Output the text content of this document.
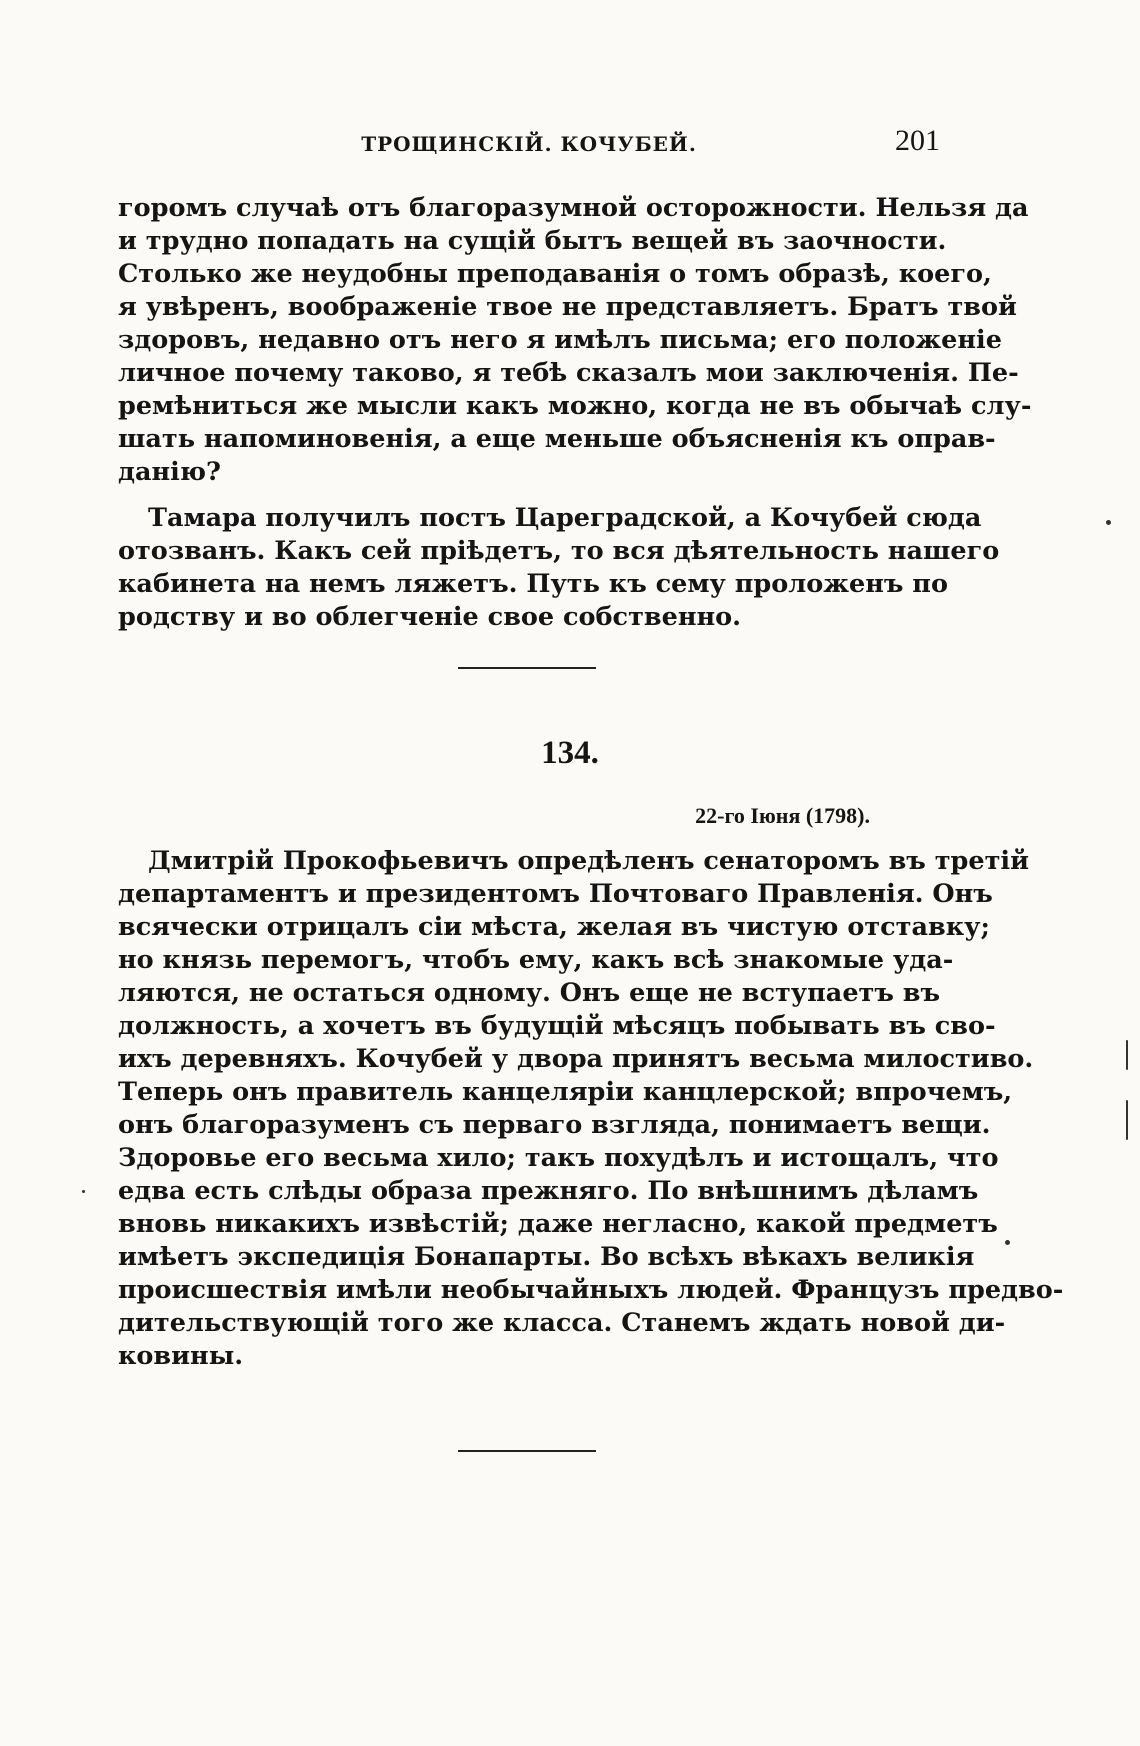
ТРОЩИНСКІЙ. КОЧУБЕЙ.	201
горомъ случаѣ отъ благоразумной осторожности. Нельзя да
и трудно попадать на сущій бытъ вещей въ заочности.
Столько же неудобны преподаванія о томъ образѣ, коего,
я увѣренъ, воображеніе твое не представляетъ. Братъ твой
здоровъ, недавно отъ него я имѣлъ письма; его положеніе
личное почему таково, я тебѣ сказалъ мои заключенія. Пе-
ремѣниться же мысли какъ можно, когда не въ обычаѣ слу-
шать напоминовенія, а еще меньше объясненія къ оправ-
данію?
Тамара получилъ постъ Цареградской, а Кочубей сюда
отозванъ. Какъ сей пріѣдетъ, то вся дѣятельность нашего
кабинета на немъ ляжетъ. Путь къ сему проложенъ по
родству и во облегченіе свое собственно.
134.
22-го Іюня (1798).
Дмитрій Прокофьевичъ опредѣленъ сенаторомъ въ третій
департаментъ и президентомъ Почтоваго Правленія. Онъ
всячески отрицалъ сіи мѣста, желая въ чистую отставку;
но князь перемогъ, чтобъ ему, какъ всѣ знакомые уда-
ляются, не остаться одному. Онъ еще не вступаетъ въ
должность, а хочетъ въ будущій мѣсяцъ побывать въ сво-
ихъ деревняхъ. Кочубей у двора принятъ весьма милостиво.
Теперь онъ правитель канцеляріи канцлерской; впрочемъ,
онъ благоразуменъ съ перваго взгляда, понимаетъ вещи.
Здоровье его весьма хило; такъ похудѣлъ и истощалъ, что
едва есть слѣды образа прежняго. По внѣшнимъ дѣламъ
вновь никакихъ извѣстій; даже негласно, какой предметъ
имѣетъ экспедиція Бонапарты. Во всѣхъ вѣкахъ великія
происшествія имѣли необычайныхъ людей. Французъ предво-
дительствующій того же класса. Станемъ ждать новой ди-
ковины.
